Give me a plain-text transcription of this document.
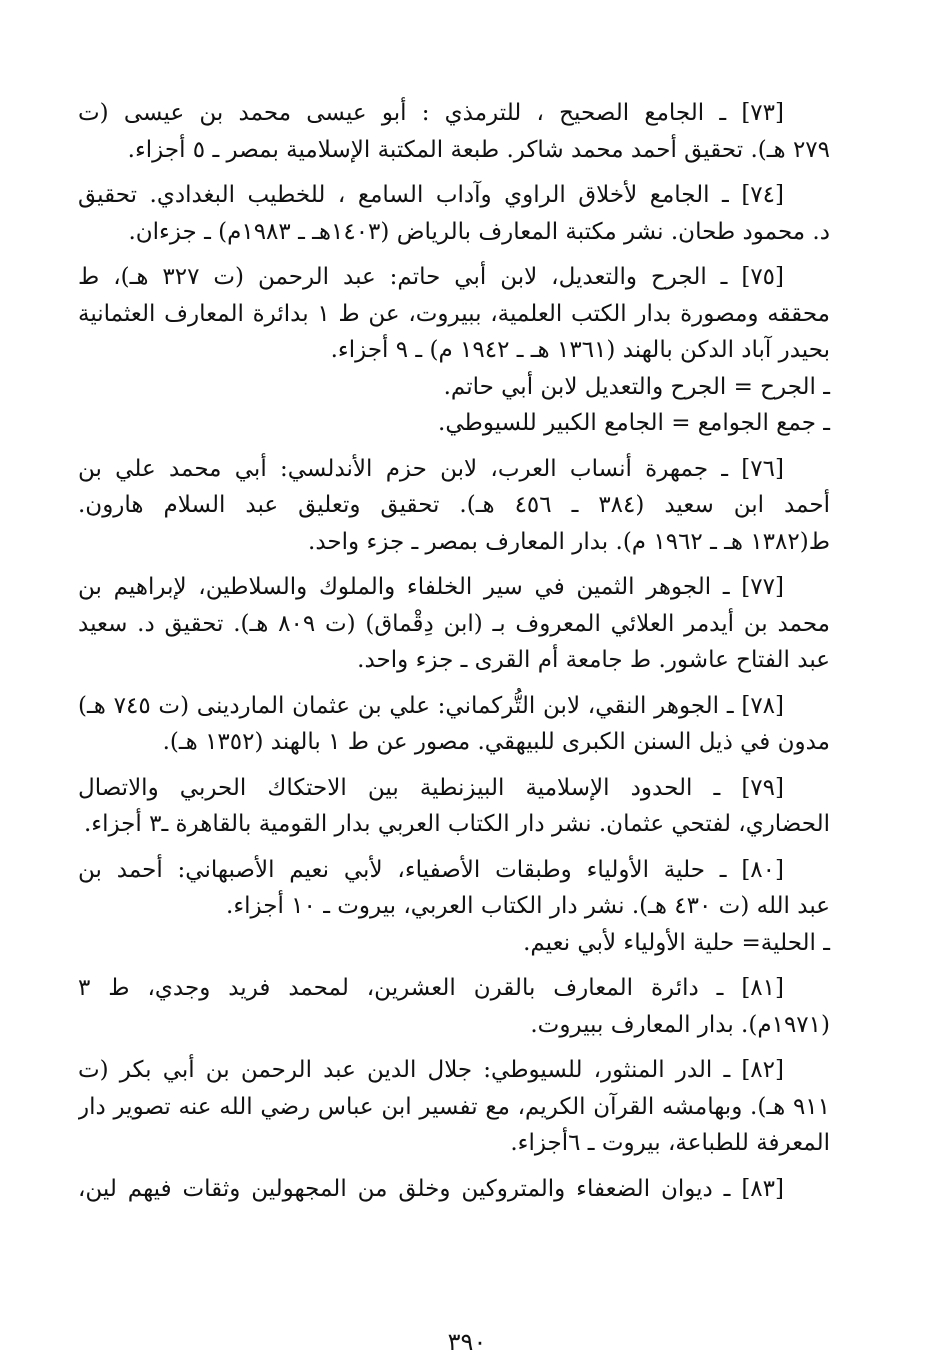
[٧٣] ـ الجامع الصحيح ، للترمذي : أبو عيسى محمد بن عيسى (ت
٢٧٩ هـ). تحقيق أحمد محمد شاكر. طبعة المكتبة الإسلامية بمصر ـ ٥ أجزاء.
[٧٤] ـ الجامع لأخلاق الراوي وآداب السامع ، للخطيب البغدادي. تحقيق
د. محمود طحان. نشر مكتبة المعارف بالرياض (١٤٠٣هـ ـ ١٩٨٣م) ـ جزءان.
[٧٥] ـ الجرح والتعديل، لابن أبي حاتم: عبد الرحمن (ت ٣٢٧ هـ)، ط
محققه ومصورة بدار الكتب العلمية، ببيروت، عن ط ١ بدائرة المعارف العثمانية
بحيدر آباد الدكن بالهند (١٣٦١ هـ ـ ١٩٤٢ م) ـ ٩ أجزاء.
ـ الجرح = الجرح والتعديل لابن أبي حاتم.
ـ جمع الجوامع = الجامع الكبير للسيوطي.
[٧٦] ـ جمهرة أنساب العرب، لابن حزم الأندلسي: أبي محمد علي بن
أحمد ابن سعيد (٣٨٤ ـ ٤٥٦ هـ). تحقيق وتعليق عبد السلام هارون.
ط(١٣٨٢ هـ ـ ١٩٦٢ م). بدار المعارف بمصر ـ جزء واحد.
[٧٧] ـ الجوهر الثمين في سير الخلفاء والملوك والسلاطين، لإبراهيم بن
محمد بن أيدمر العلائي المعروف بـ (ابن دِقْماق) (ت ٨٠٩ هـ). تحقيق د. سعيد
عبد الفتاح عاشور. ط جامعة أم القرى ـ جزء واحد.
[٧٨] ـ الجوهر النقي، لابن التُّركماني: علي بن عثمان الماردينى (ت ٧٤٥ هـ)
مدون في ذيل السنن الكبرى للبيهقي. مصور عن ط ١ بالهند (١٣٥٢ هـ).
[٧٩] ـ الحدود الإسلامية البيزنطية بين الاحتكاك الحربي والاتصال
الحضاري، لفتحي عثمان. نشر دار الكتاب العربي بدار القومية بالقاهرة ـ٣ أجزاء.
[٨٠] ـ حلية الأولياء وطبقات الأصفياء، لأبي نعيم الأصبهاني: أحمد بن
عبد الله (ت ٤٣٠ هـ). نشر دار الكتاب العربي، بيروت ـ ١٠ أجزاء.
ـ الحلية= حلية الأولياء لأبي نعيم.
[٨١] ـ دائرة المعارف بالقرن العشرين، لمحمد فريد وجدي، ط ٣
(١٩٧١م). بدار المعارف ببيروت.
[٨٢] ـ الدر المنثور، للسيوطي: جلال الدين عبد الرحمن بن أبي بكر (ت
٩١١ هـ). وبهامشه القرآن الكريم، مع تفسير ابن عباس رضي الله عنه تصوير دار
المعرفة للطباعة، بيروت ـ ٦أجزاء.
[٨٣] ـ ديوان الضعفاء والمتروكين وخلق من المجهولين وثقات فيهم لين،
٣٩٠
